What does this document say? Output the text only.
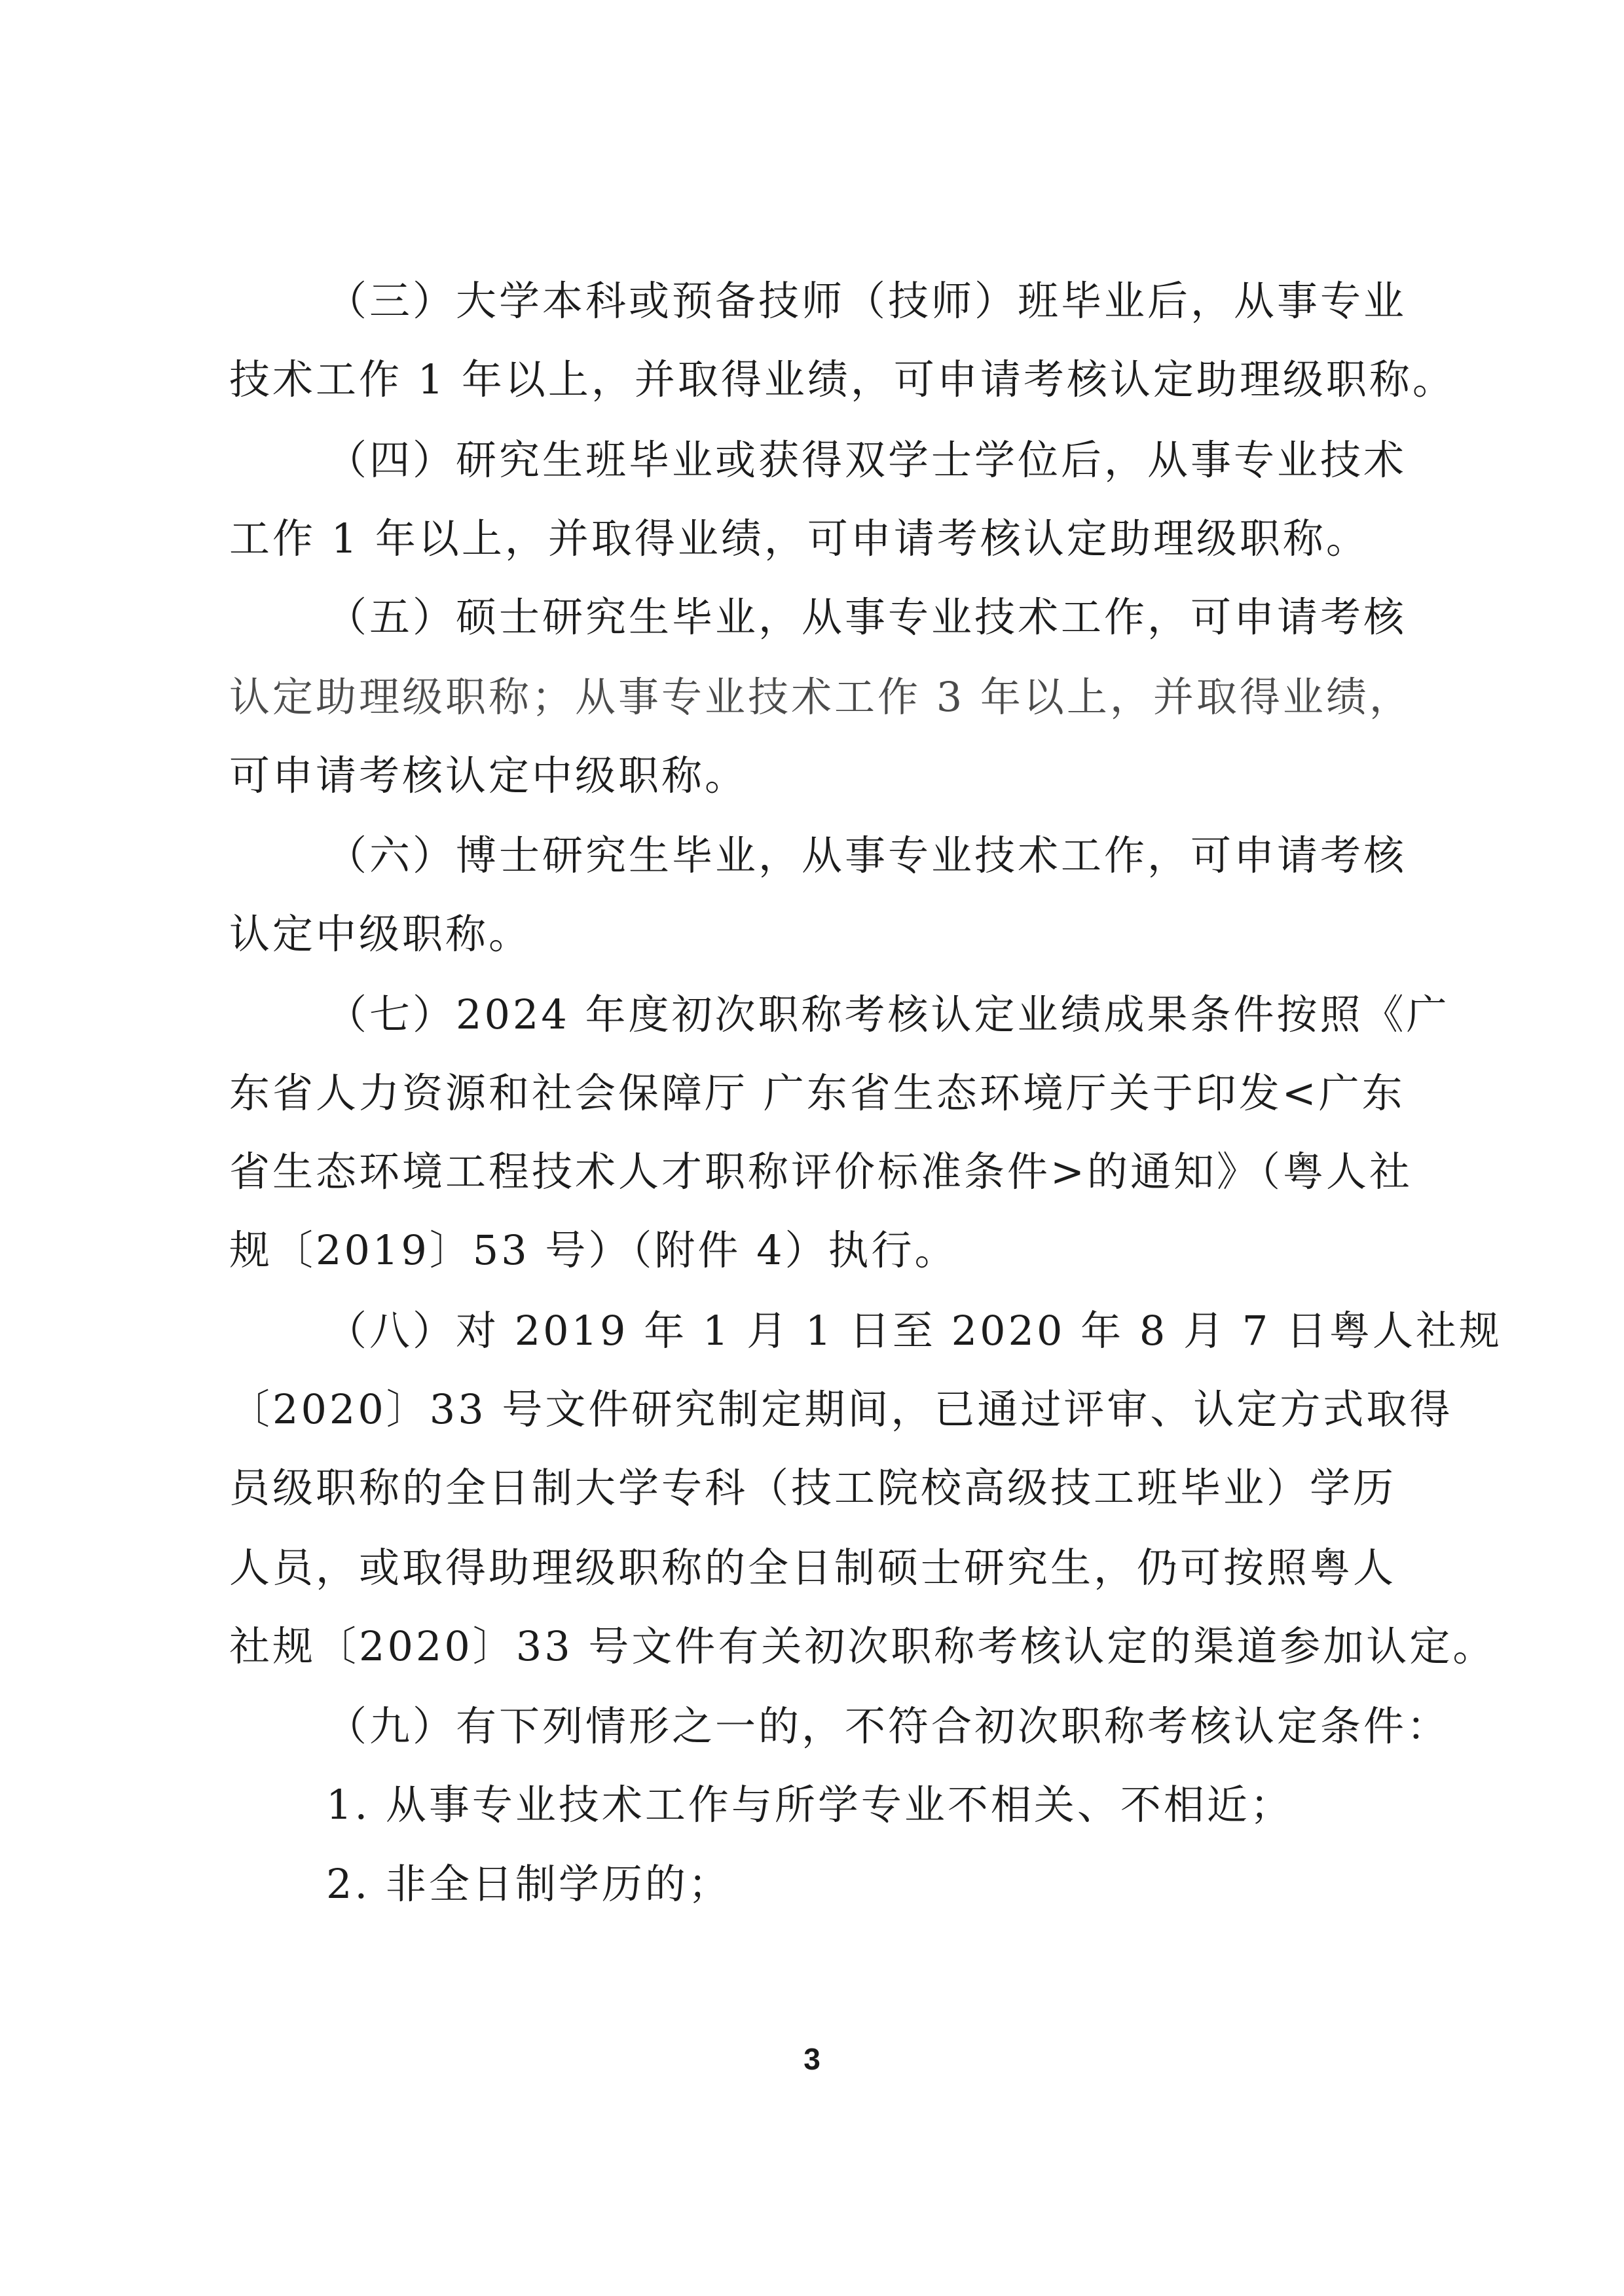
（三）大学本科或预备技师（技师）班毕业后，从事专业
技术工作 1 年以上，并取得业绩，可申请考核认定助理级职称。
（四）研究生班毕业或获得双学士学位后，从事专业技术
工作 1 年以上，并取得业绩，可申请考核认定助理级职称。
（五）硕士研究生毕业，从事专业技术工作，可申请考核
认定助理级职称；从事专业技术工作 3 年以上，并取得业绩，
可申请考核认定中级职称。
（六）博士研究生毕业，从事专业技术工作，可申请考核
认定中级职称。
（七）2024 年度初次职称考核认定业绩成果条件按照《广
东省人力资源和社会保障厅 广东省生态环境厅关于印发<广东
省生态环境工程技术人才职称评价标准条件>的通知》（粤人社
规〔2019〕53 号）（附件 4）执行。
（八）对 2019 年 1 月 1 日至 2020 年 8 月 7 日粤人社规
〔2020〕33 号文件研究制定期间，已通过评审、认定方式取得
员级职称的全日制大学专科（技工院校高级技工班毕业）学历
人员，或取得助理级职称的全日制硕士研究生，仍可按照粤人
社规〔2020〕33 号文件有关初次职称考核认定的渠道参加认定。
（九）有下列情形之一的，不符合初次职称考核认定条件：
1. 从事专业技术工作与所学专业不相关、不相近；
2. 非全日制学历的；
3
